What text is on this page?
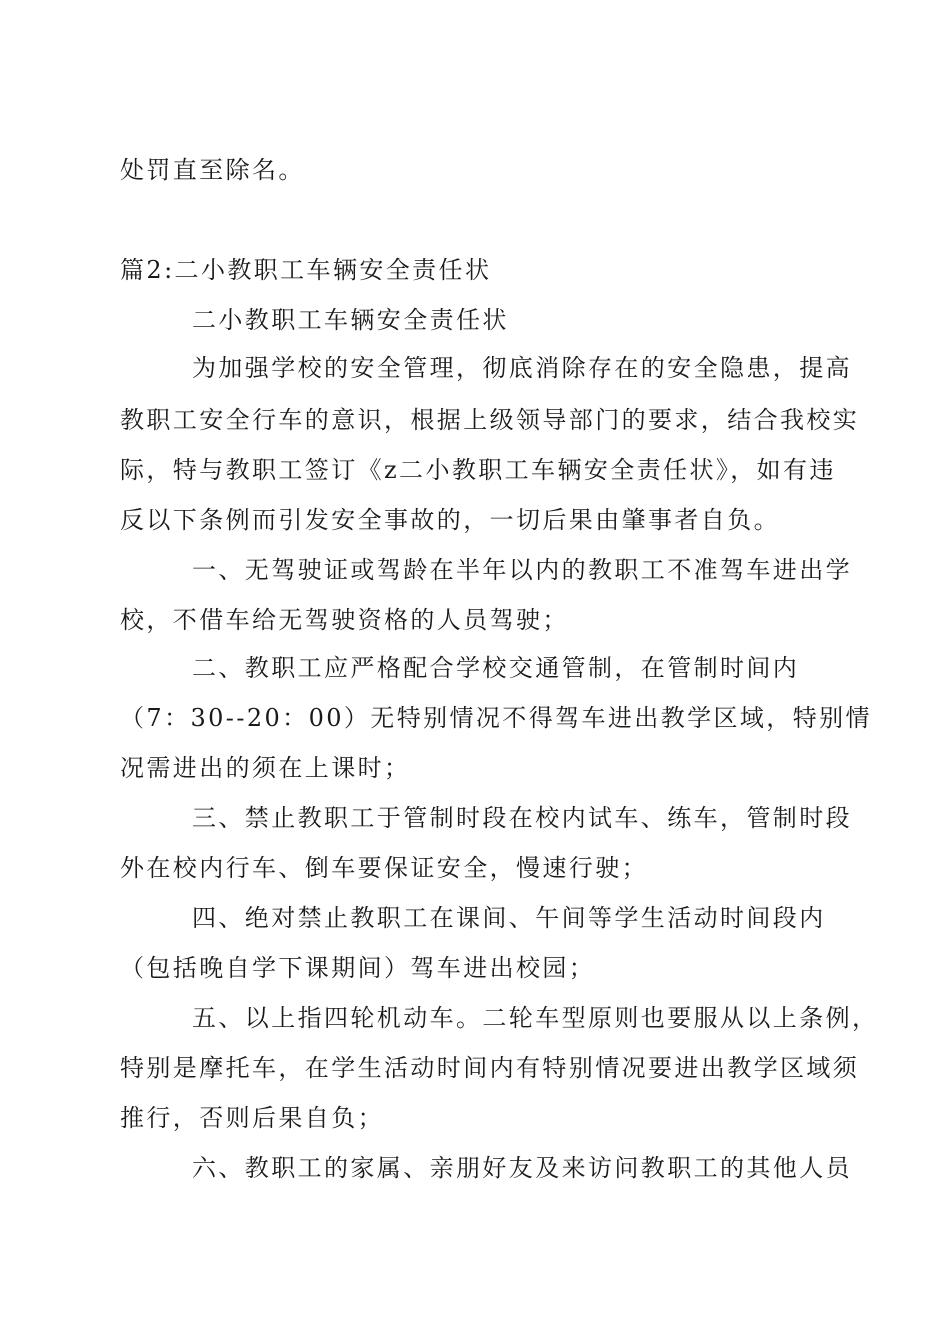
处罚直至除名。
篇2:二小教职工车辆安全责任状
二小教职工车辆安全责任状
为加强学校的安全管理，彻底消除存在的安全隐患，提高
教职工安全行车的意识，根据上级领导部门的要求，结合我校实
际，特与教职工签订《z二小教职工车辆安全责任状》，如有违
反以下条例而引发安全事故的，一切后果由肇事者自负。
一、无驾驶证或驾龄在半年以内的教职工不准驾车进出学
校，不借车给无驾驶资格的人员驾驶；
二、教职工应严格配合学校交通管制，在管制时间内
（7：30--20：00）无特别情况不得驾车进出教学区域，特别情
况需进出的须在上课时；
三、禁止教职工于管制时段在校内试车、练车，管制时段
外在校内行车、倒车要保证安全，慢速行驶；
四、绝对禁止教职工在课间、午间等学生活动时间段内
（包括晚自学下课期间）驾车进出校园；
五、以上指四轮机动车。二轮车型原则也要服从以上条例，
特别是摩托车，在学生活动时间内有特别情况要进出教学区域须
推行，否则后果自负；
六、教职工的家属、亲朋好友及来访问教职工的其他人员
